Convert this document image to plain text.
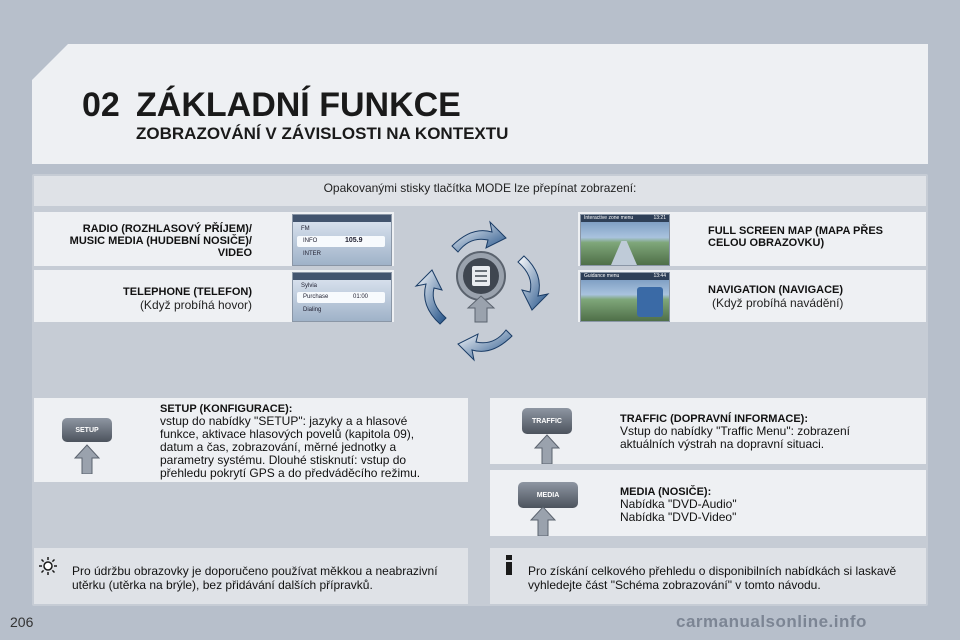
02 ZÁKLADNÍ FUNKCE
ZOBRAZOVÁNÍ V ZÁVISLOSTI NA KONTEXTU
Opakovanými stisky tlačítka MODE lze přepínat zobrazení:
RADIO (ROZHLASOVÝ PŘÍJEM)/
MUSIC MEDIA (HUDEBNÍ NOSIČE)/
VIDEO
FM
INFO	105.9
INTER
TELEPHONE (TELEFON)
(Když probíhá hovor)
Sylvia
Purchase	01:00
Dialing
Interactive zone menu	13:21
FULL SCREEN MAP (MAPA PŘES
CELOU OBRAZOVKU)
Guidance menu	13:44
NAVIGATION (NAVIGACE)
(Když probíhá navádění)
SETUP
SETUP (KONFIGURACE):
vstup do nabídky "SETUP": jazyky a a hlasové
funkce, aktivace hlasových povelů (kapitola 09),
datum a čas, zobrazování, měrné jednotky a
parametry systému. Dlouhé stisknutí: vstup do
přehledu pokrytí GPS a do předváděcího režimu.
TRAFFIC	TRAFFIC (DOPRAVNÍ INFORMACE):
Vstup do nabídky "Traffic Menu": zobrazení
aktuálních výstrah na dopravní situaci.
MEDIA	MEDIA (NOSIČE):
Nabídka "DVD-Audio"
Nabídka "DVD-Video"
Pro údržbu obrazovky je doporučeno používat měkkou a neabrazivní
utěrku (utěrka na brýle), bez přidávání dalších přípravků.
Pro získání celkového přehledu o disponibilních nabídkách si laskavě
vyhledejte část "Schéma zobrazování" v tomto návodu.
206	carmanualsonline.info
